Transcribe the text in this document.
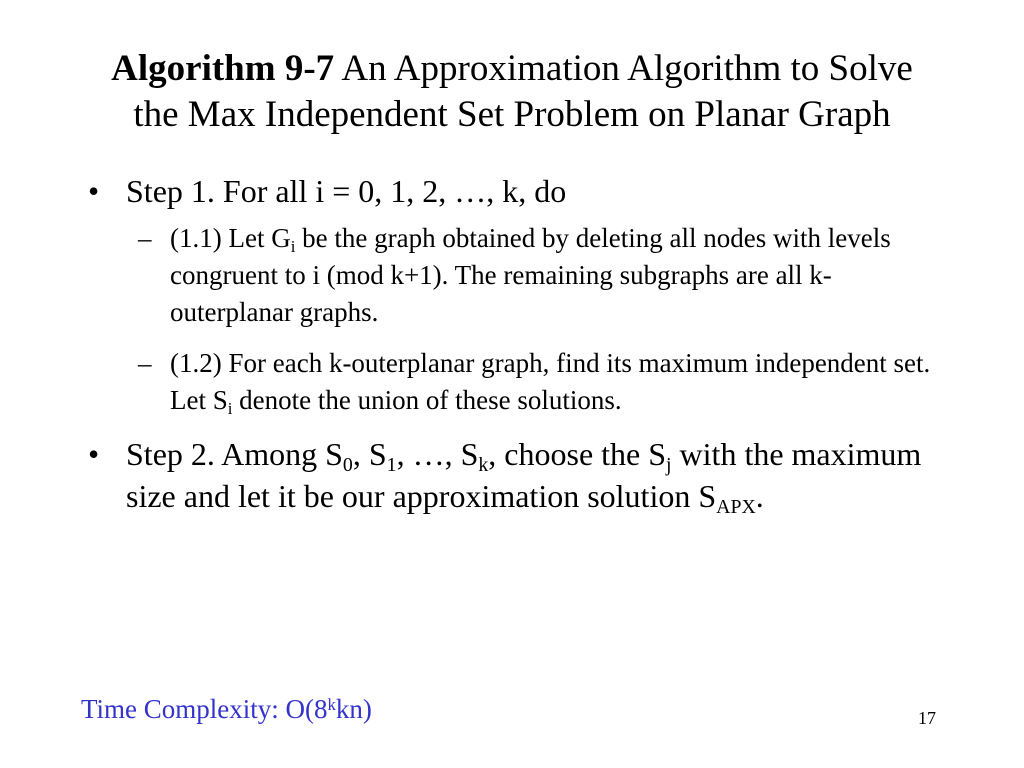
Algorithm 9-7 An Approximation Algorithm to Solve
the Max Independent Set Problem on Planar Graph
• Step 1. For all i = 0, 1, 2, …, k, do
– (1.1) Let $G_i$ be the graph obtained by deleting all nodes with levels congruent to i (mod k+1). The remaining subgraphs are all k-outerplanar graphs.
– (1.2) For each k-outerplanar graph, find its maximum independent set. Let $S_i$ denote the union of these solutions.
• Step 2. Among $S_0$, $S_1$, …, $S_k$, choose the $S_j$ with the maximum size and let it be our approximation solution $S_{APX}$.
Time Complexity: O(8$^k$kn)	17
